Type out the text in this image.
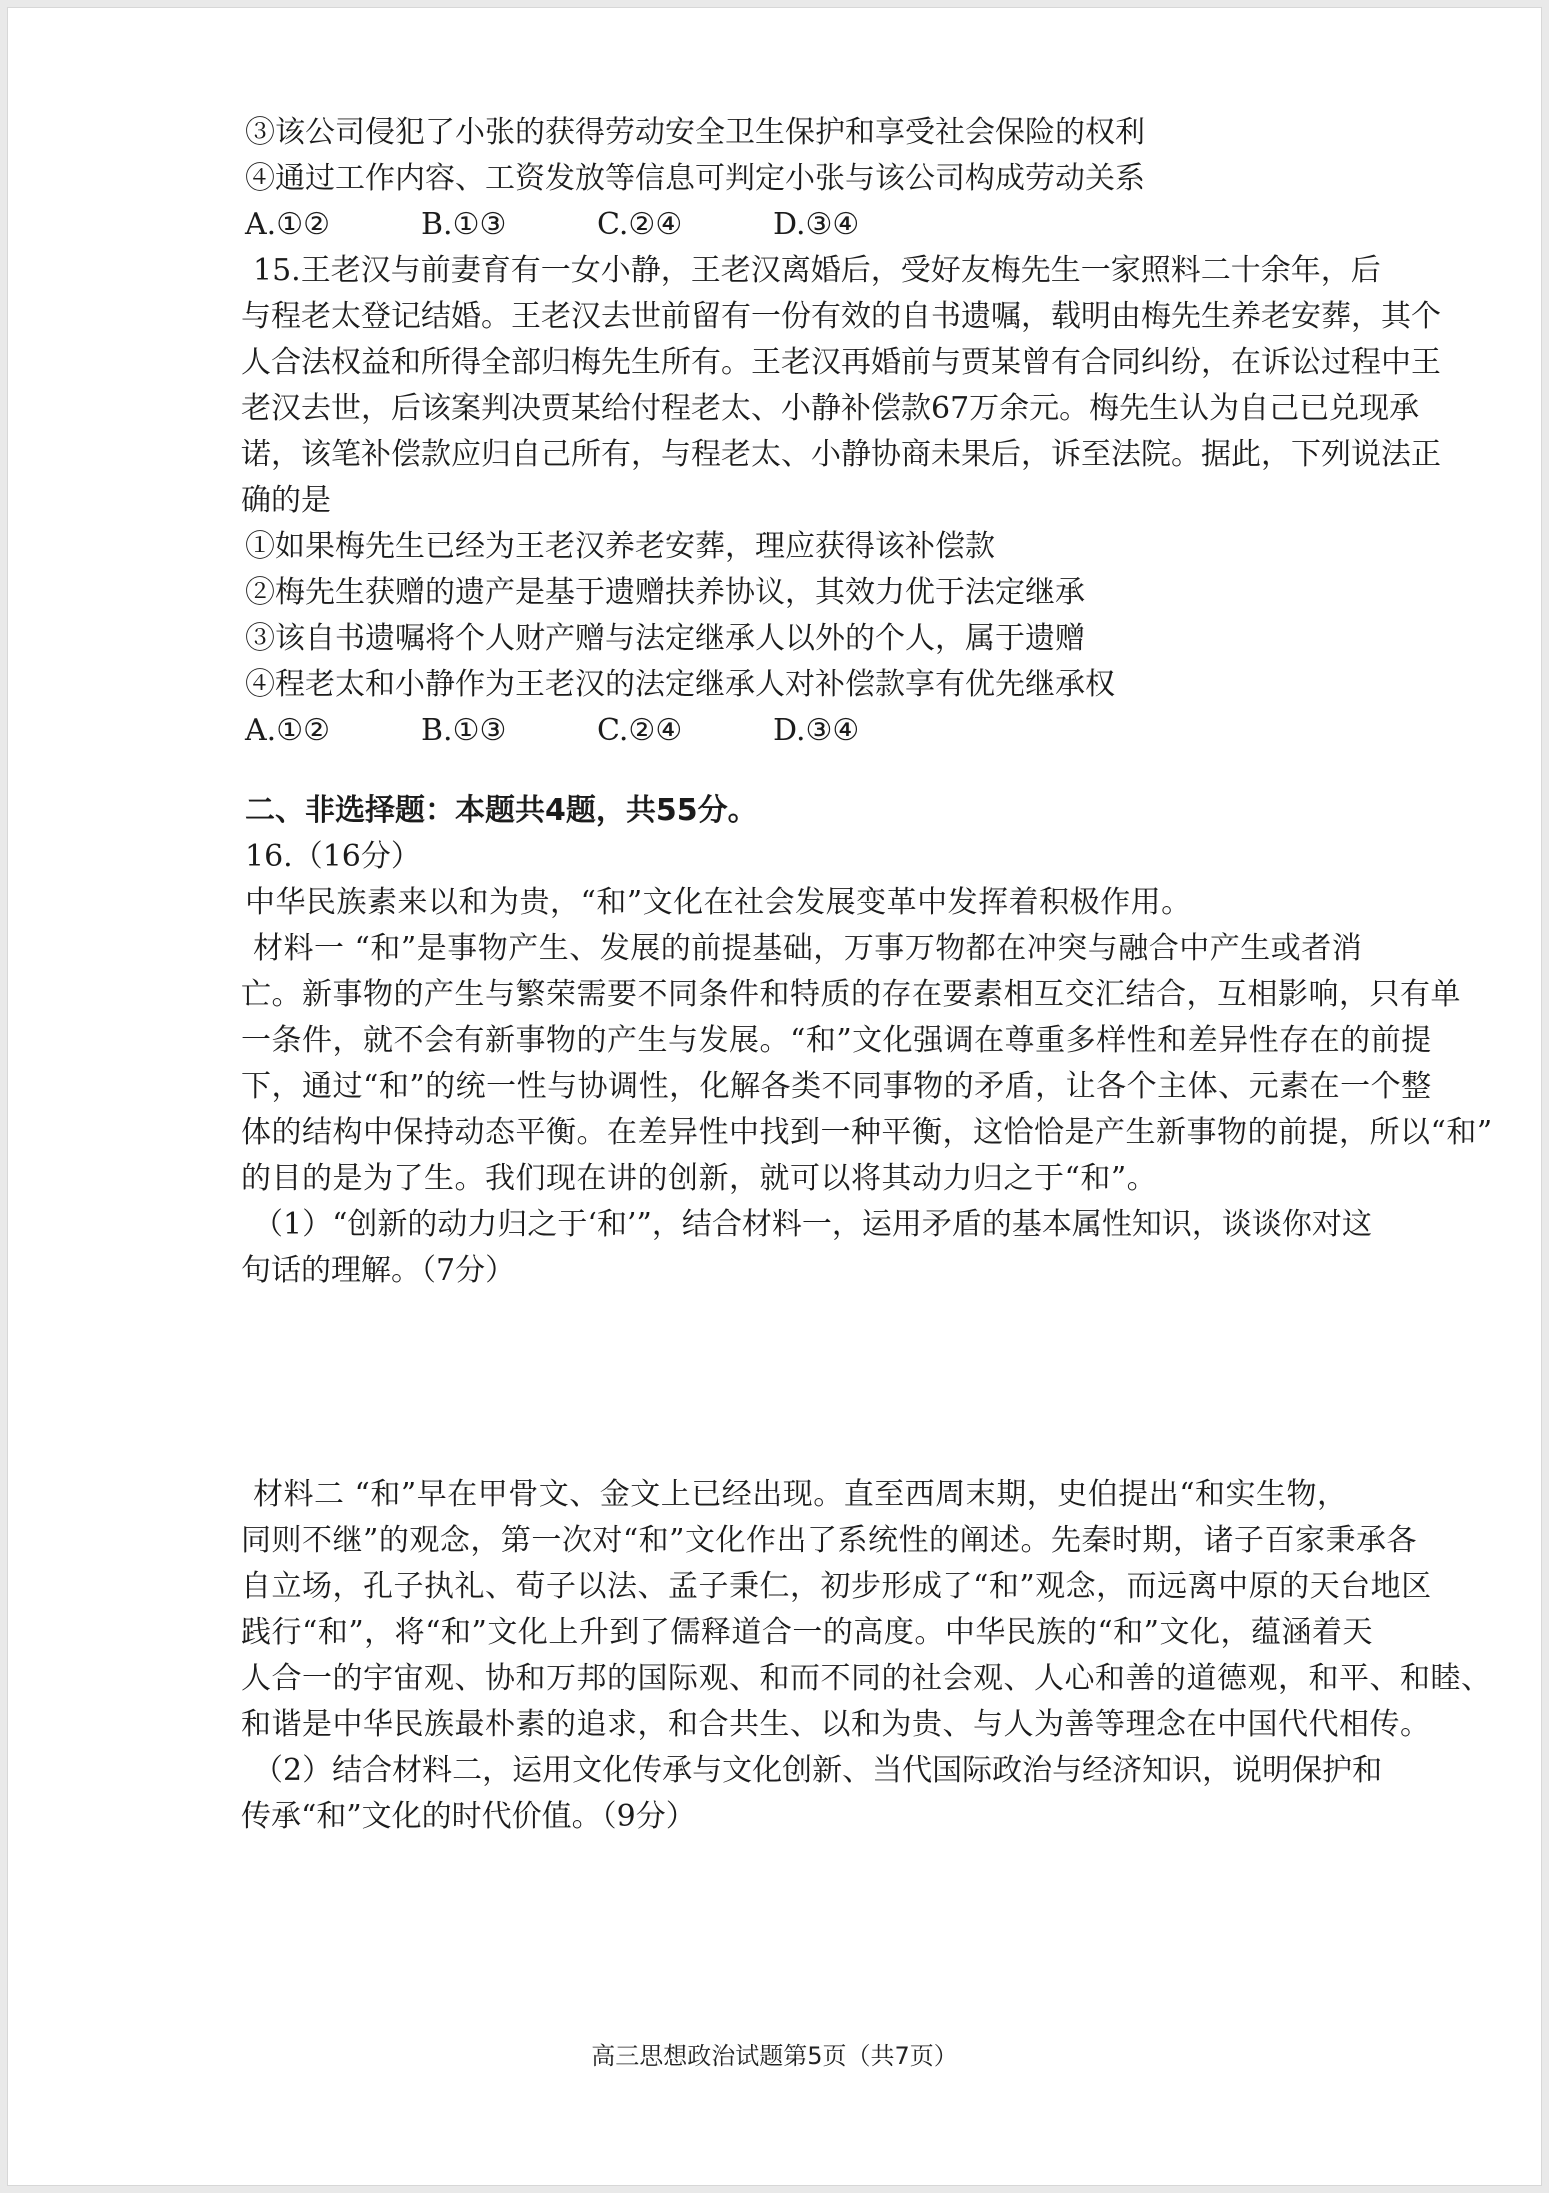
③该公司侵犯了小张的获得劳动安全卫生保护和享受社会保险的权利
④通过工作内容、工资发放等信息可判定小张与该公司构成劳动关系
A.①②	B.①③	C.②④	D.③④
15.王老汉与前妻育有一女小静，王老汉离婚后，受好友梅先生一家照料二十余年，后
与程老太登记结婚。王老汉去世前留有一份有效的自书遗嘱，载明由梅先生养老安葬，其个
人合法权益和所得全部归梅先生所有。王老汉再婚前与贾某曾有合同纠纷，在诉讼过程中王
老汉去世，后该案判决贾某给付程老太、小静补偿款67万余元。梅先生认为自己已兑现承
诺，该笔补偿款应归自己所有，与程老太、小静协商未果后，诉至法院。据此，下列说法正
确的是
①如果梅先生已经为王老汉养老安葬，理应获得该补偿款
②梅先生获赠的遗产是基于遗赠扶养协议，其效力优于法定继承
③该自书遗嘱将个人财产赠与法定继承人以外的个人，属于遗赠
④程老太和小静作为王老汉的法定继承人对补偿款享有优先继承权
A.①②	B.①③	C.②④	D.③④
二、非选择题：本题共4题，共55分。
16.（16分）
中华民族素来以和为贵，“和”文化在社会发展变革中发挥着积极作用。
材料一 “和”是事物产生、发展的前提基础，万事万物都在冲突与融合中产生或者消
亡。新事物的产生与繁荣需要不同条件和特质的存在要素相互交汇结合，互相影响，只有单
一条件，就不会有新事物的产生与发展。“和”文化强调在尊重多样性和差异性存在的前提
下，通过“和”的统一性与协调性，化解各类不同事物的矛盾，让各个主体、元素在一个整
体的结构中保持动态平衡。在差异性中找到一种平衡，这恰恰是产生新事物的前提，所以“和”
的目的是为了生。我们现在讲的创新，就可以将其动力归之于“和”。
（1）“创新的动力归之于‘和’”，结合材料一，运用矛盾的基本属性知识，谈谈你对这
句话的理解。（7分）
材料二 “和”早在甲骨文、金文上已经出现。直至西周末期，史伯提出“和实生物，
同则不继”的观念，第一次对“和”文化作出了系统性的阐述。先秦时期，诸子百家秉承各
自立场，孔子执礼、荀子以法、孟子秉仁，初步形成了“和”观念，而远离中原的天台地区
践行“和”，将“和”文化上升到了儒释道合一的高度。中华民族的“和”文化，蕴涵着天
人合一的宇宙观、协和万邦的国际观、和而不同的社会观、人心和善的道德观，和平、和睦、
和谐是中华民族最朴素的追求，和合共生、以和为贵、与人为善等理念在中国代代相传。
（2）结合材料二，运用文化传承与文化创新、当代国际政治与经济知识，说明保护和
传承“和”文化的时代价值。（9分）
高三思想政治试题第5页（共7页）
